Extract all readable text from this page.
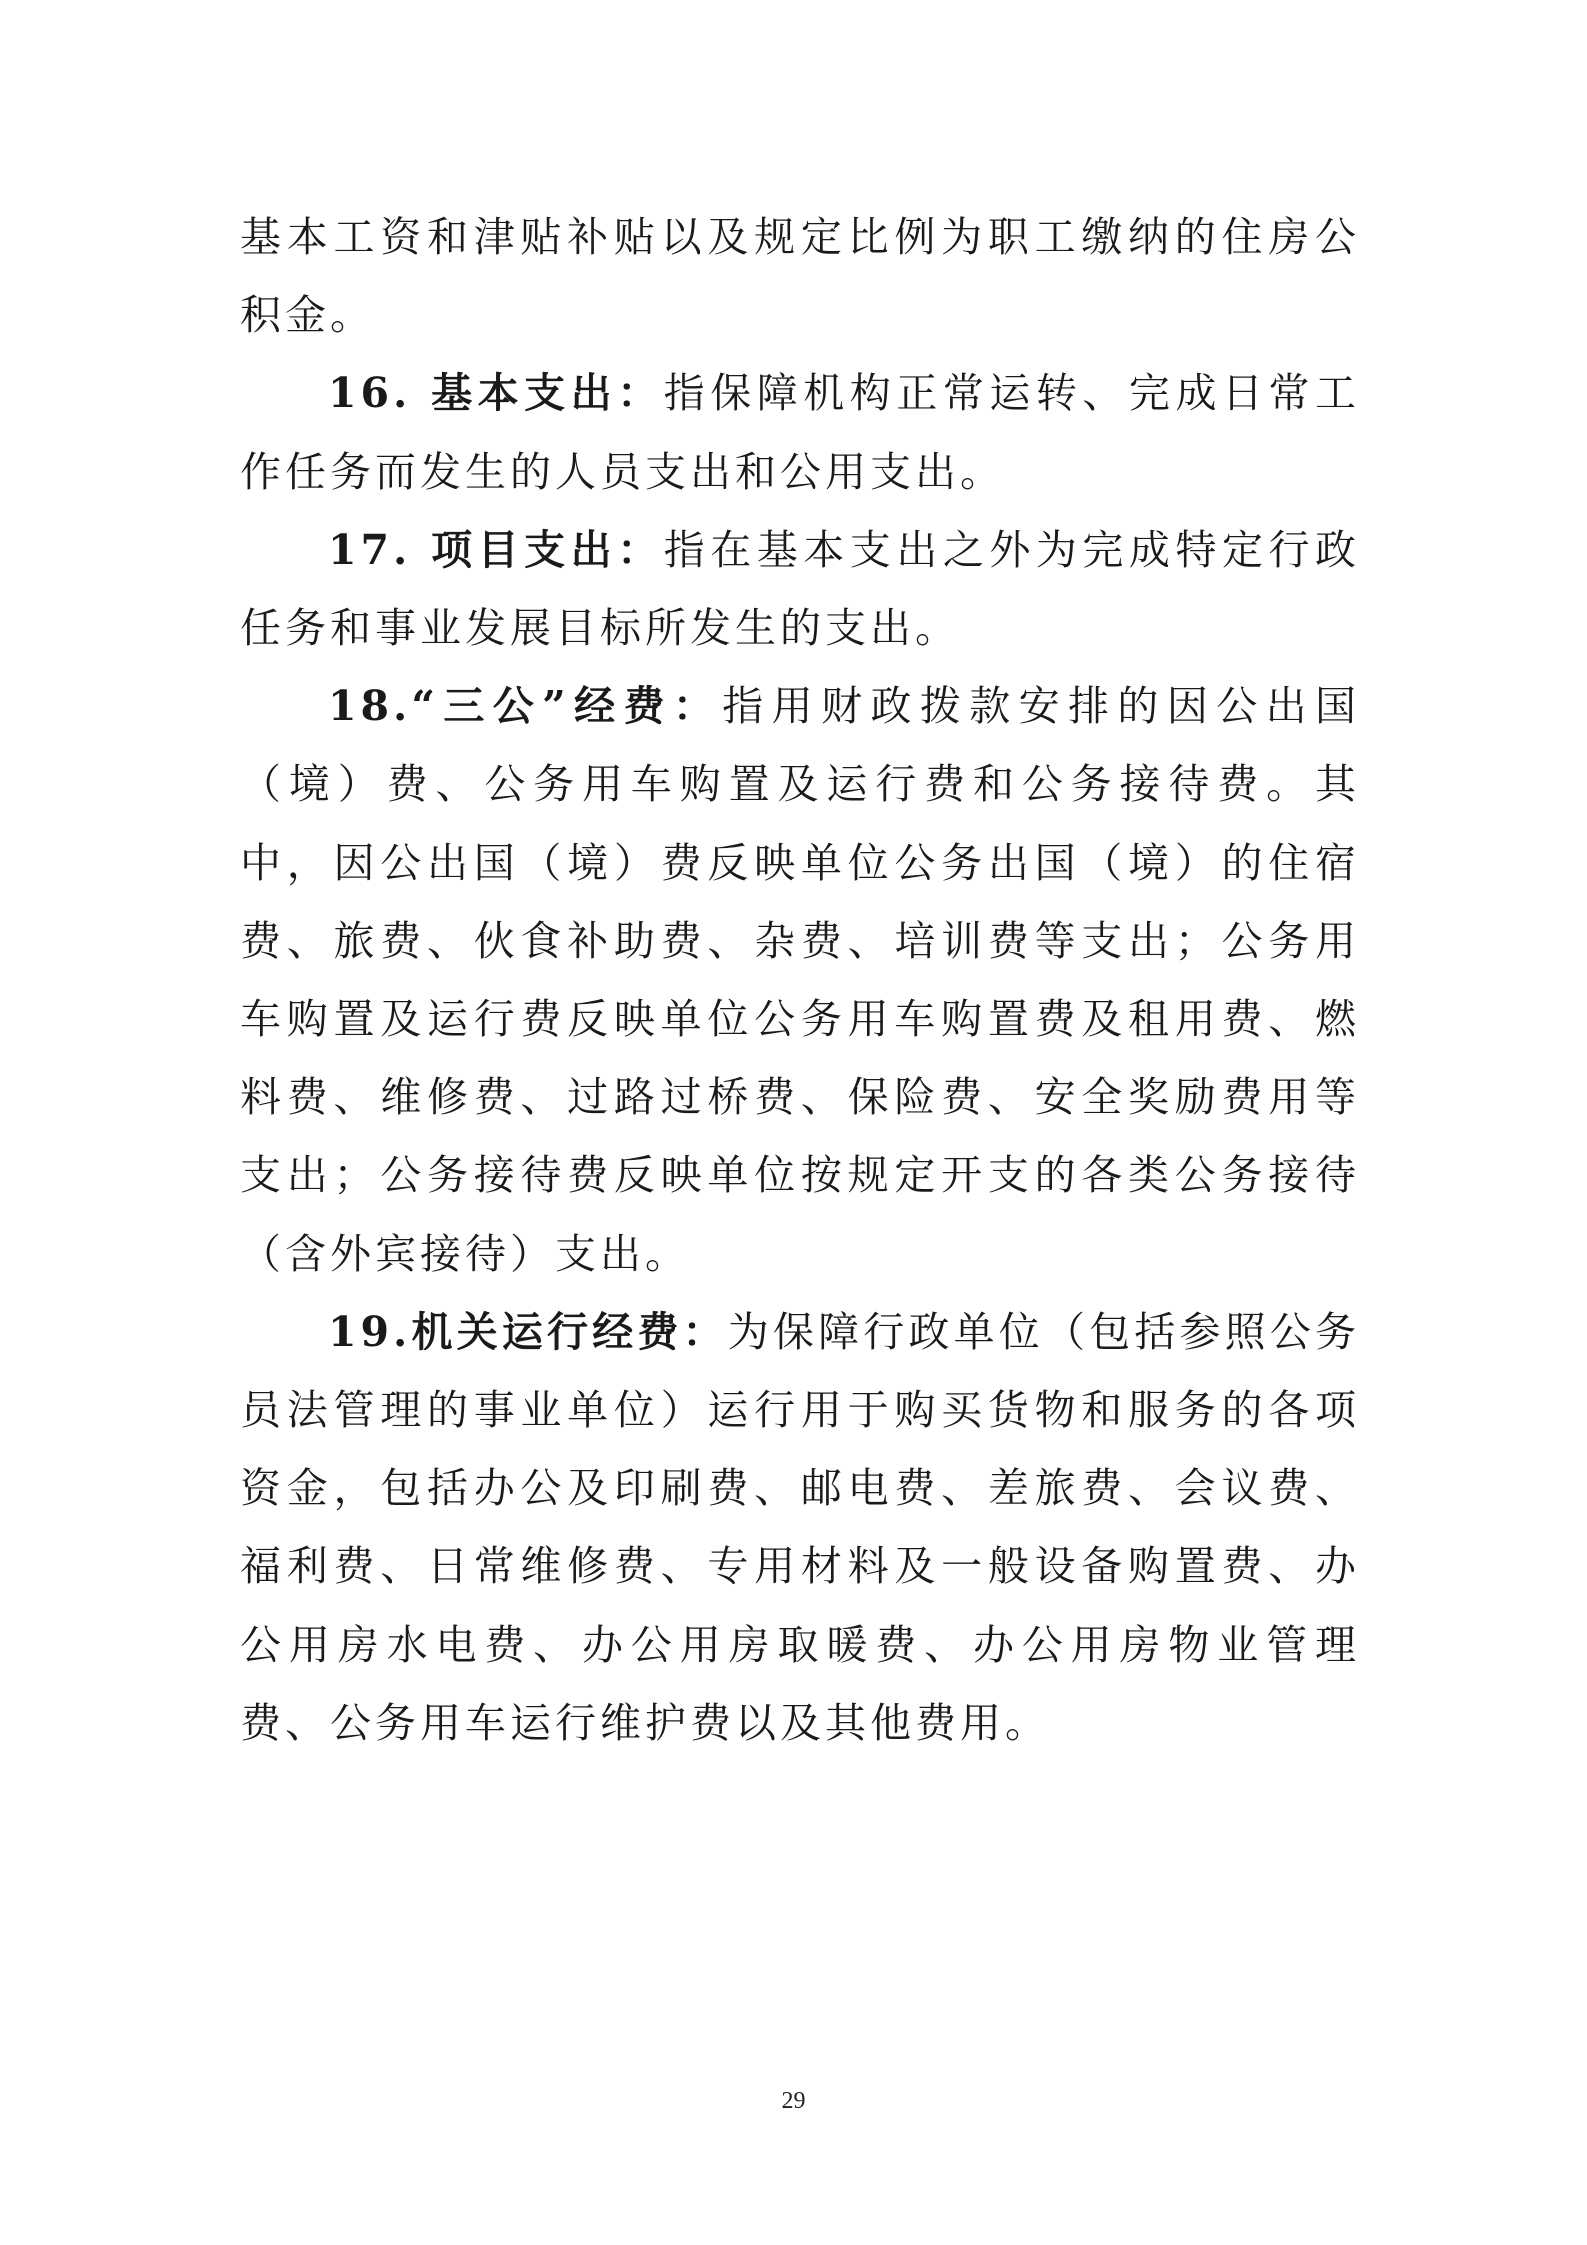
基本工资和津贴补贴以及规定比例为职工缴纳的住房公积金。

16. 基本支出：指保障机构正常运转、完成日常工作任务而发生的人员支出和公用支出。

17. 项目支出：指在基本支出之外为完成特定行政任务和事业发展目标所发生的支出。

18.“三公”经费：指用财政拨款安排的因公出国（境）费、公务用车购置及运行费和公务接待费。其中，因公出国（境）费反映单位公务出国（境）的住宿费、旅费、伙食补助费、杂费、培训费等支出；公务用车购置及运行费反映单位公务用车购置费及租用费、燃料费、维修费、过路过桥费、保险费、安全奖励费用等支出；公务接待费反映单位按规定开支的各类公务接待（含外宾接待）支出。

19.机关运行经费：为保障行政单位（包括参照公务员法管理的事业单位）运行用于购买货物和服务的各项资金，包括办公及印刷费、邮电费、差旅费、会议费、福利费、日常维修费、专用材料及一般设备购置费、办公用房水电费、办公用房取暖费、办公用房物业管理费、公务用车运行维护费以及其他费用。

29
